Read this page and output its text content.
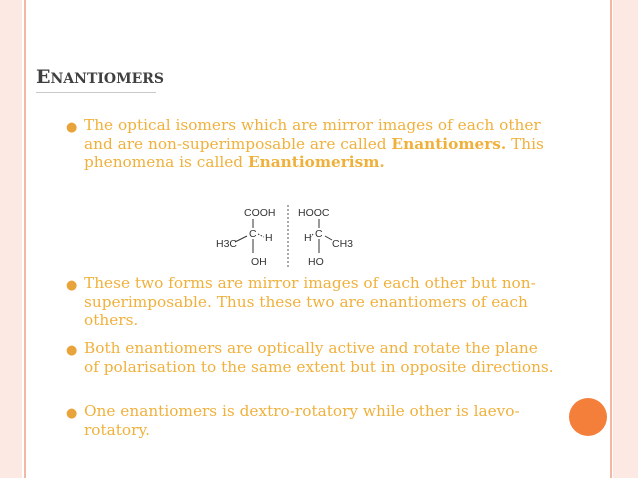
ENANTIOMERS
● The optical isomers which are mirror images of each other and are non-superimposable are called Enantiomers. This phenomena is called Enantiomerism.
COOH
C
H3C	H
OH
HOOC
C
H CH3
HO
● These two forms are mirror images of each other but non-superimposable. Thus these two are enantiomers of each others.
● Both enantiomers are optically active and rotate the plane of polarisation to the same extent but in opposite directions.
● One enantiomers is dextro-rotatory while other is laevo-rotatory.
